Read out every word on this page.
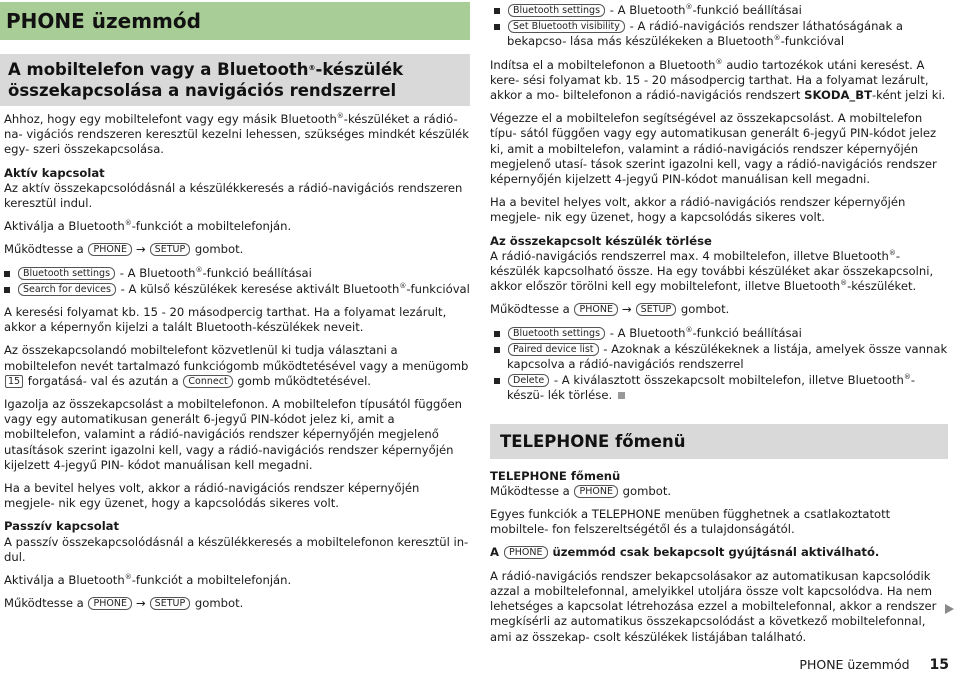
PHONE üzemmód
A mobiltelefon vagy a Bluetooth®-készülék
összekapcsolása a navigációs rendszerrel

Ahhoz, hogy egy mobiltelefont vagy egy másik Bluetooth®-készüléket a rádió-na- vigációs rendszeren keresztül kezelni lehessen, szükséges mindkét készülék egy- szeri összekapcsolása.

Aktív kapcsolat

Az aktív összekapcsolódásnál a készülékkeresés a rádió-navigációs rendszeren keresztül indul.

Aktiválja a Bluetooth®-funkciót a mobiltelefonján.

Működtesse a PHONE → SETUP gombot.

Bluetooth settings - A Bluetooth®-funkció beállításai
Search for devices - A külső készülékek keresése aktivált Bluetooth®-funkcióval

A keresési folyamat kb. 15 - 20 másodpercig tarthat. Ha a folyamat lezárult, akkor a képernyőn kijelzi a talált Bluetooth-készülékek neveit.

Az összekapcsolandó mobiltelefont közvetlenül ki tudja választani a mobiltelefon nevét tartalmazó funkciógomb működtetésével vagy a menügomb 15 forgatásá- val és azután a Connect gomb működtetésével.

Igazolja az összekapcsolást a mobiltelefonon. A mobiltelefon típusától függően vagy egy automatikusan generált 6-jegyű PIN-kódot jelez ki, amit a mobiltelefon, valamint a rádió-navigációs rendszer képernyőjén megjelenő utasítások szerint igazolni kell, vagy a rádió-navigációs rendszer képernyőjén kijelzett 4-jegyű PIN- kódot manuálisan kell megadni.

Ha a bevitel helyes volt, akkor a rádió-navigációs rendszer képernyőjén megjele- nik egy üzenet, hogy a kapcsolódás sikeres volt.

Passzív kapcsolat

A passzív összekapcsolódásnál a készülékkeresés a mobiltelefonon keresztül in- dul.

Aktiválja a Bluetooth®-funkciót a mobiltelefonján.

Működtesse a PHONE → SETUP gombot.

Bluetooth settings - A Bluetooth®-funkció beállításai
Set Bluetooth visibility - A rádió-navigációs rendszer láthatóságának a bekapcso- lása más készülékeken a Bluetooth®-funkcióval

Indítsa el a mobiltelefonon a Bluetooth® audio tartozékok utáni keresést. A kere- sési folyamat kb. 15 - 20 másodpercig tarthat. Ha a folyamat lezárult, akkor a mo- biltelefonon a rádió-navigációs rendszert SKODA_BT-ként jelzi ki.

Végezze el a mobiltelefon segítségével az összekapcsolást. A mobiltelefon típu- sától függően vagy egy automatikusan generált 6-jegyű PIN-kódot jelez ki, amit a mobiltelefon, valamint a rádió-navigációs rendszer képernyőjén megjelenő utasí- tások szerint igazolni kell, vagy a rádió-navigációs rendszer képernyőjén kijelzett 4-jegyű PIN-kódot manuálisan kell megadni.

Ha a bevitel helyes volt, akkor a rádió-navigációs rendszer képernyőjén megjele- nik egy üzenet, hogy a kapcsolódás sikeres volt.

Az összekapcsolt készülék törlése

A rádió-navigációs rendszerrel max. 4 mobiltelefon, illetve Bluetooth®-készülék kapcsolható össze. Ha egy további készüléket akar összekapcsolni, akkor először törölni kell egy mobiltelefont, illetve Bluetooth®-készüléket.

Működtesse a PHONE → SETUP gombot.

Bluetooth settings - A Bluetooth®-funkció beállításai
Paired device list - Azoknak a készülékeknek a listája, amelyek össze vannak kapcsolva a rádió-navigációs rendszerrel
Delete - A kiválasztott összekapcsolt mobiltelefon, illetve Bluetooth®-készü- lék törlése.
TELEPHONE főmenü

TELEPHONE főmenü

Működtesse a PHONE gombot.

Egyes funkciók a TELEPHONE menüben függhetnek a csatlakoztatott mobiltele- fon felszereltségétől és a tulajdonságától.

A PHONE üzemmód csak bekapcsolt gyújtásnál aktiválható.

A rádió-navigációs rendszer bekapcsolásakor az automatikusan kapcsolódik azzal a mobiltelefonnal, amelyikkel utoljára össze volt kapcsolódva. Ha nem lehetséges a kapcsolat létrehozása ezzel a mobiltelefonnal, akkor a rendszer megkísérli az automatikus összekapcsolódást a következő mobiltelefonnal, ami az összekap- csolt készülékek listájában található.

PHONE üzemmód 15
